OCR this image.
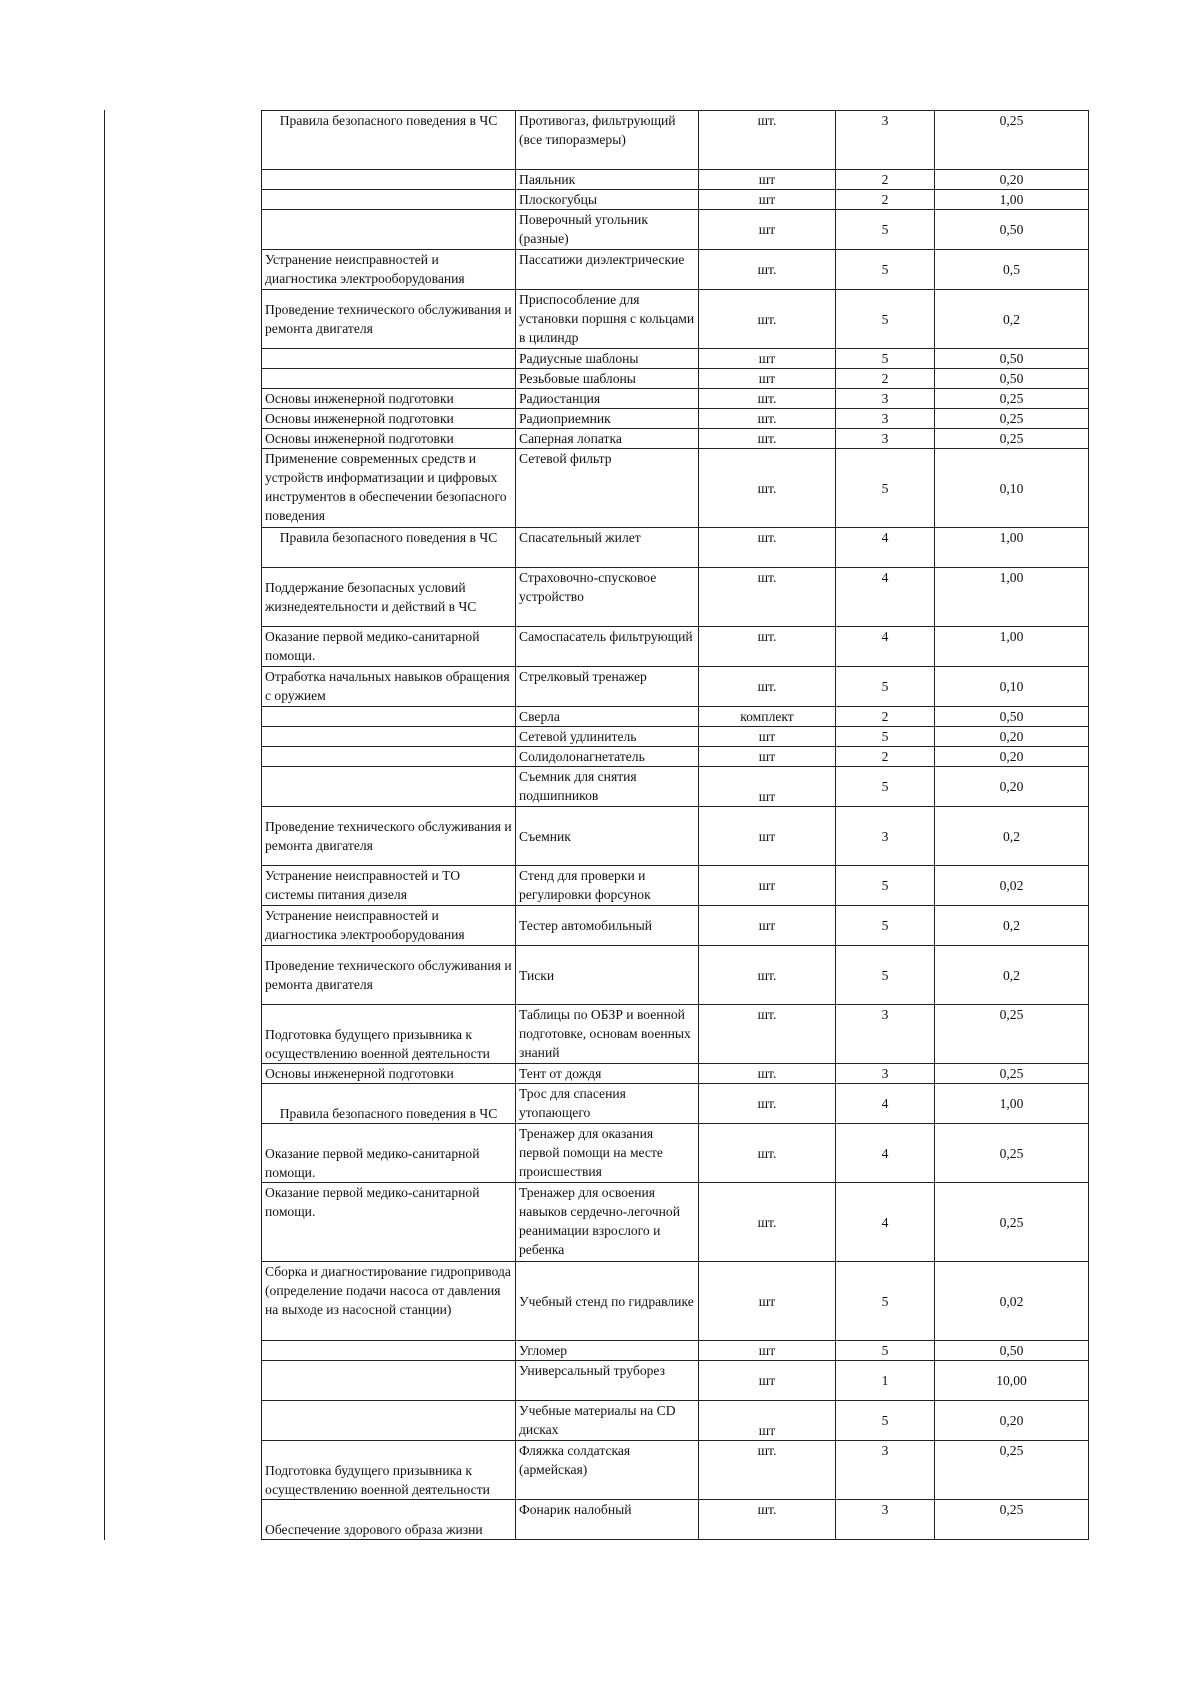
Правила безопасного поведения в ЧС	Противогаз, фильтрующий (все типоразмеры)	шт.	3	0,25
	Паяльник	шт	2	0,20
	Плоскогубцы	шт	2	1,00
	Поверочный угольник (разные)	шт	5	0,50
Устранение неисправностей и диагностика электрооборудования	Пассатижи диэлектрические	шт.	5	0,5
Проведение технического обслуживания и ремонта двигателя	Приспособление для установки поршня с кольцами в цилиндр	шт.	5	0,2
	Радиусные шаблоны	шт	5	0,50
	Резьбовые шаблоны	шт	2	0,50
Основы инженерной подготовки	Радиостанция	шт.	3	0,25
Основы инженерной подготовки	Радиоприемник	шт.	3	0,25
Основы инженерной подготовки	Саперная лопатка	шт.	3	0,25
Применение современных средств и устройств информатизации и цифровых инструментов в обеспечении безопасного поведения	Сетевой фильтр	шт.	5	0,10
Правила безопасного поведения в ЧС	Спасательный жилет	шт.	4	1,00
Поддержание безопасных условий жизнедеятельности и действий в ЧС	Страховочно-спусковое устройство	шт.	4	1,00
Оказание первой медико-санитарной помощи.	Самоспасатель фильтрующий	шт.	4	1,00
Отработка начальных навыков обращения с оружием	Стрелковый тренажер	шт.	5	0,10
	Сверла	комплект	2	0,50
	Сетевой удлинитель	шт	5	0,20
	Солидолонагнетатель	шт	2	0,20
	Съемник для снятия подшипников	шт	5	0,20
Проведение технического обслуживания и ремонта двигателя	Съемник	шт	3	0,2
Устранение неисправностей и ТО системы питания дизеля	Стенд для проверки и регулировки форсунок	шт	5	0,02
Устранение неисправностей и диагностика электрооборудования	Тестер автомобильный	шт	5	0,2
Проведение технического обслуживания и ремонта двигателя	Тиски	шт.	5	0,2
Подготовка будущего призывника к осуществлению военной деятельности	Таблицы по ОБЗР и военной подготовке, основам военных знаний	шт.	3	0,25
Основы инженерной подготовки	Тент от дождя	шт.	3	0,25
Правила безопасного поведения в ЧС	Трос для спасения утопающего	шт.	4	1,00
Оказание первой медико-санитарной помощи.	Тренажер для оказания первой помощи на месте происшествия	шт.	4	0,25
Оказание первой медико-санитарной помощи.	Тренажер для освоения навыков сердечно-легочной реанимации взрослого и ребенка	шт.	4	0,25
Сборка и диагностирование гидропривода (определение подачи насоса от давления на выходе из насосной станции)	Учебный стенд по гидравлике	шт	5	0,02
	Угломер	шт	5	0,50
	Универсальный труборез	шт	1	10,00
	Учебные материалы на CD дисках	шт	5	0,20
Подготовка будущего призывника к осуществлению военной деятельности	Фляжка солдатская (армейская)	шт.	3	0,25
Обеспечение здорового образа жизни	Фонарик налобный	шт.	3	0,25
